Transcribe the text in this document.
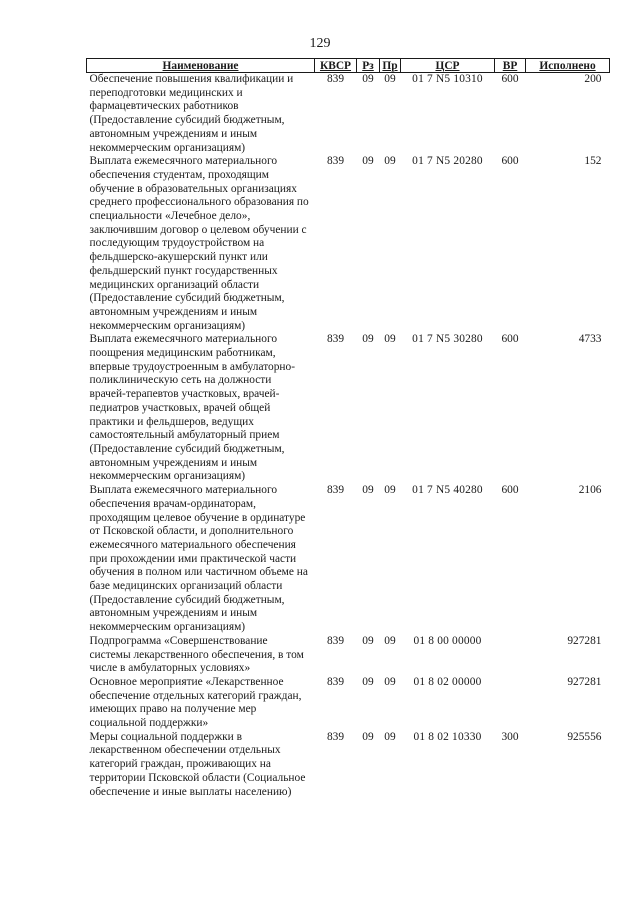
129
Наименование	КВСР	Рз	Пр	ЦСР	ВР	Исполнено
Обеспечение повышения квалификации и переподготовки медицинских и фармацевтических работников (Предоставление субсидий бюджетным, автономным учреждениям и иным некоммерческим организациям)	839	09	09	01 7 N5 10310	600	200
Выплата ежемесячного материального обеспечения студентам, проходящим обучение в образовательных организациях среднего профессионального образования по специальности «Лечебное дело», заключившим договор о целевом обучении с последующим трудоустройством на фельдшерско-акушерский пункт или фельдшерский пункт государственных медицинских организаций области (Предоставление субсидий бюджетным, автономным учреждениям и иным некоммерческим организациям)	839	09	09	01 7 N5 20280	600	152
Выплата ежемесячного материального поощрения медицинским работникам, впервые трудоустроенным в амбулаторно-поликлиническую сеть на должности врачей-терапевтов участковых, врачей-педиатров участковых, врачей общей практики и фельдшеров, ведущих самостоятельный амбулаторный прием (Предоставление субсидий бюджетным, автономным учреждениям и иным некоммерческим организациям)	839	09	09	01 7 N5 30280	600	4733
Выплата ежемесячного материального обеспечения врачам-ординаторам, проходящим целевое обучение в ординатуре от Псковской области, и дополнительного ежемесячного материального обеспечения при прохождении ими практической части обучения в полном или частичном объеме на базе медицинских организаций области (Предоставление субсидий бюджетным, автономным учреждениям и иным некоммерческим организациям)	839	09	09	01 7 N5 40280	600	2106
Подпрограмма «Совершенствование системы лекарственного обеспечения, в том числе в амбулаторных условиях»	839	09	09	01 8 00 00000		927281
Основное мероприятие «Лекарственное обеспечение отдельных категорий граждан, имеющих право на получение мер социальной поддержки»	839	09	09	01 8 02 00000		927281
Меры социальной поддержки в лекарственном обеспечении отдельных категорий граждан, проживающих на территории Псковской области (Социальное обеспечение и иные выплаты населению)	839	09	09	01 8 02 10330	300	925556
